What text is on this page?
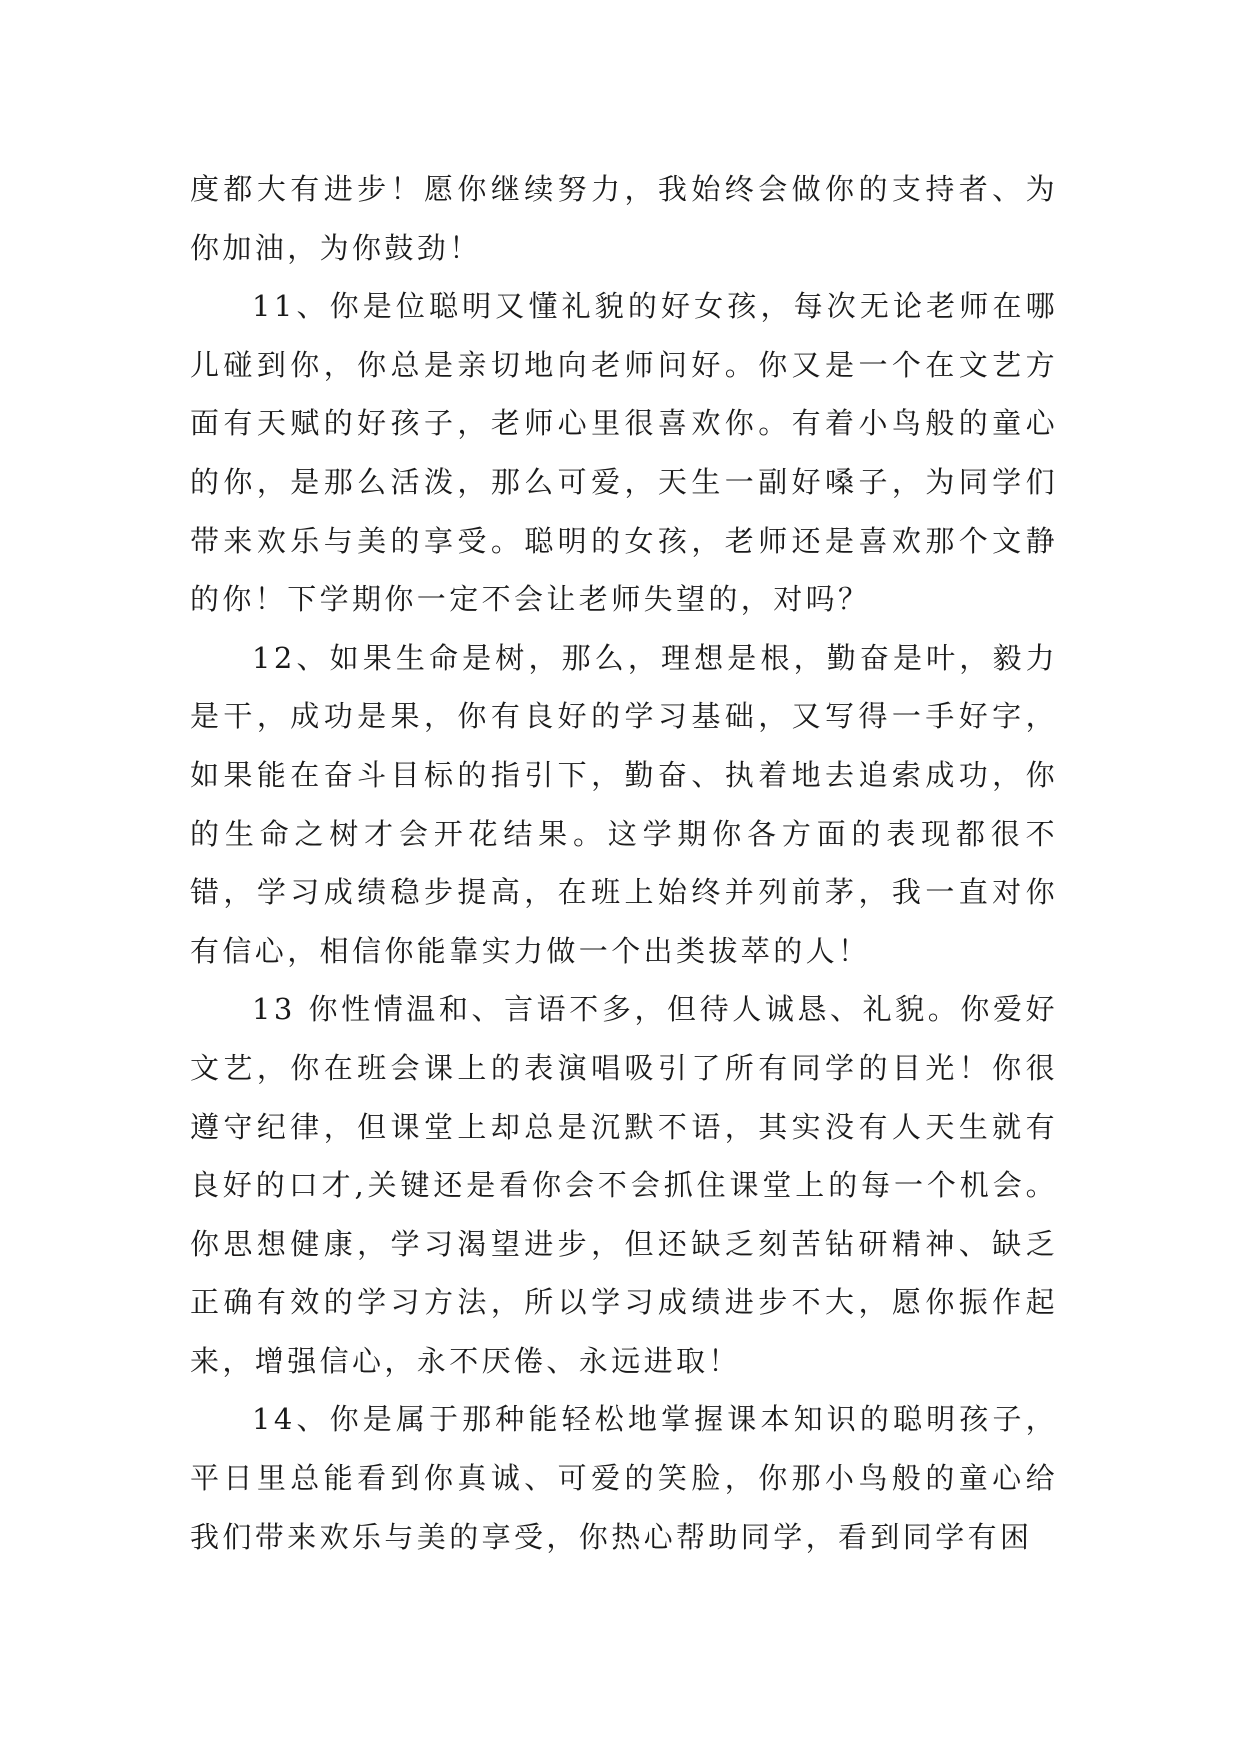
度都大有进步！愿你继续努力，我始终会做你的支持者、为你加油，为你鼓劲！

11、你是位聪明又懂礼貌的好女孩，每次无论老师在哪儿碰到你，你总是亲切地向老师问好。你又是一个在文艺方面有天赋的好孩子，老师心里很喜欢你。有着小鸟般的童心的你，是那么活泼，那么可爱，天生一副好嗓子，为同学们带来欢乐与美的享受。聪明的女孩，老师还是喜欢那个文静的你！下学期你一定不会让老师失望的，对吗？

12、如果生命是树，那么，理想是根，勤奋是叶，毅力是干，成功是果，你有良好的学习基础，又写得一手好字，如果能在奋斗目标的指引下，勤奋、执着地去追索成功，你的生命之树才会开花结果。这学期你各方面的表现都很不错，学习成绩稳步提高，在班上始终并列前茅，我一直对你有信心，相信你能靠实力做一个出类拔萃的人！

13 你性情温和、言语不多，但待人诚恳、礼貌。你爱好文艺，你在班会课上的表演唱吸引了所有同学的目光！你很遵守纪律，但课堂上却总是沉默不语，其实没有人天生就有良好的口才,关键还是看你会不会抓住课堂上的每一个机会。你思想健康，学习渴望进步，但还缺乏刻苦钻研精神、缺乏正确有效的学习方法，所以学习成绩进步不大，愿你振作起来，增强信心，永不厌倦、永远进取！

14、你是属于那种能轻松地掌握课本知识的聪明孩子，平日里总能看到你真诚、可爱的笑脸，你那小鸟般的童心给我们带来欢乐与美的享受，你热心帮助同学，看到同学有困
